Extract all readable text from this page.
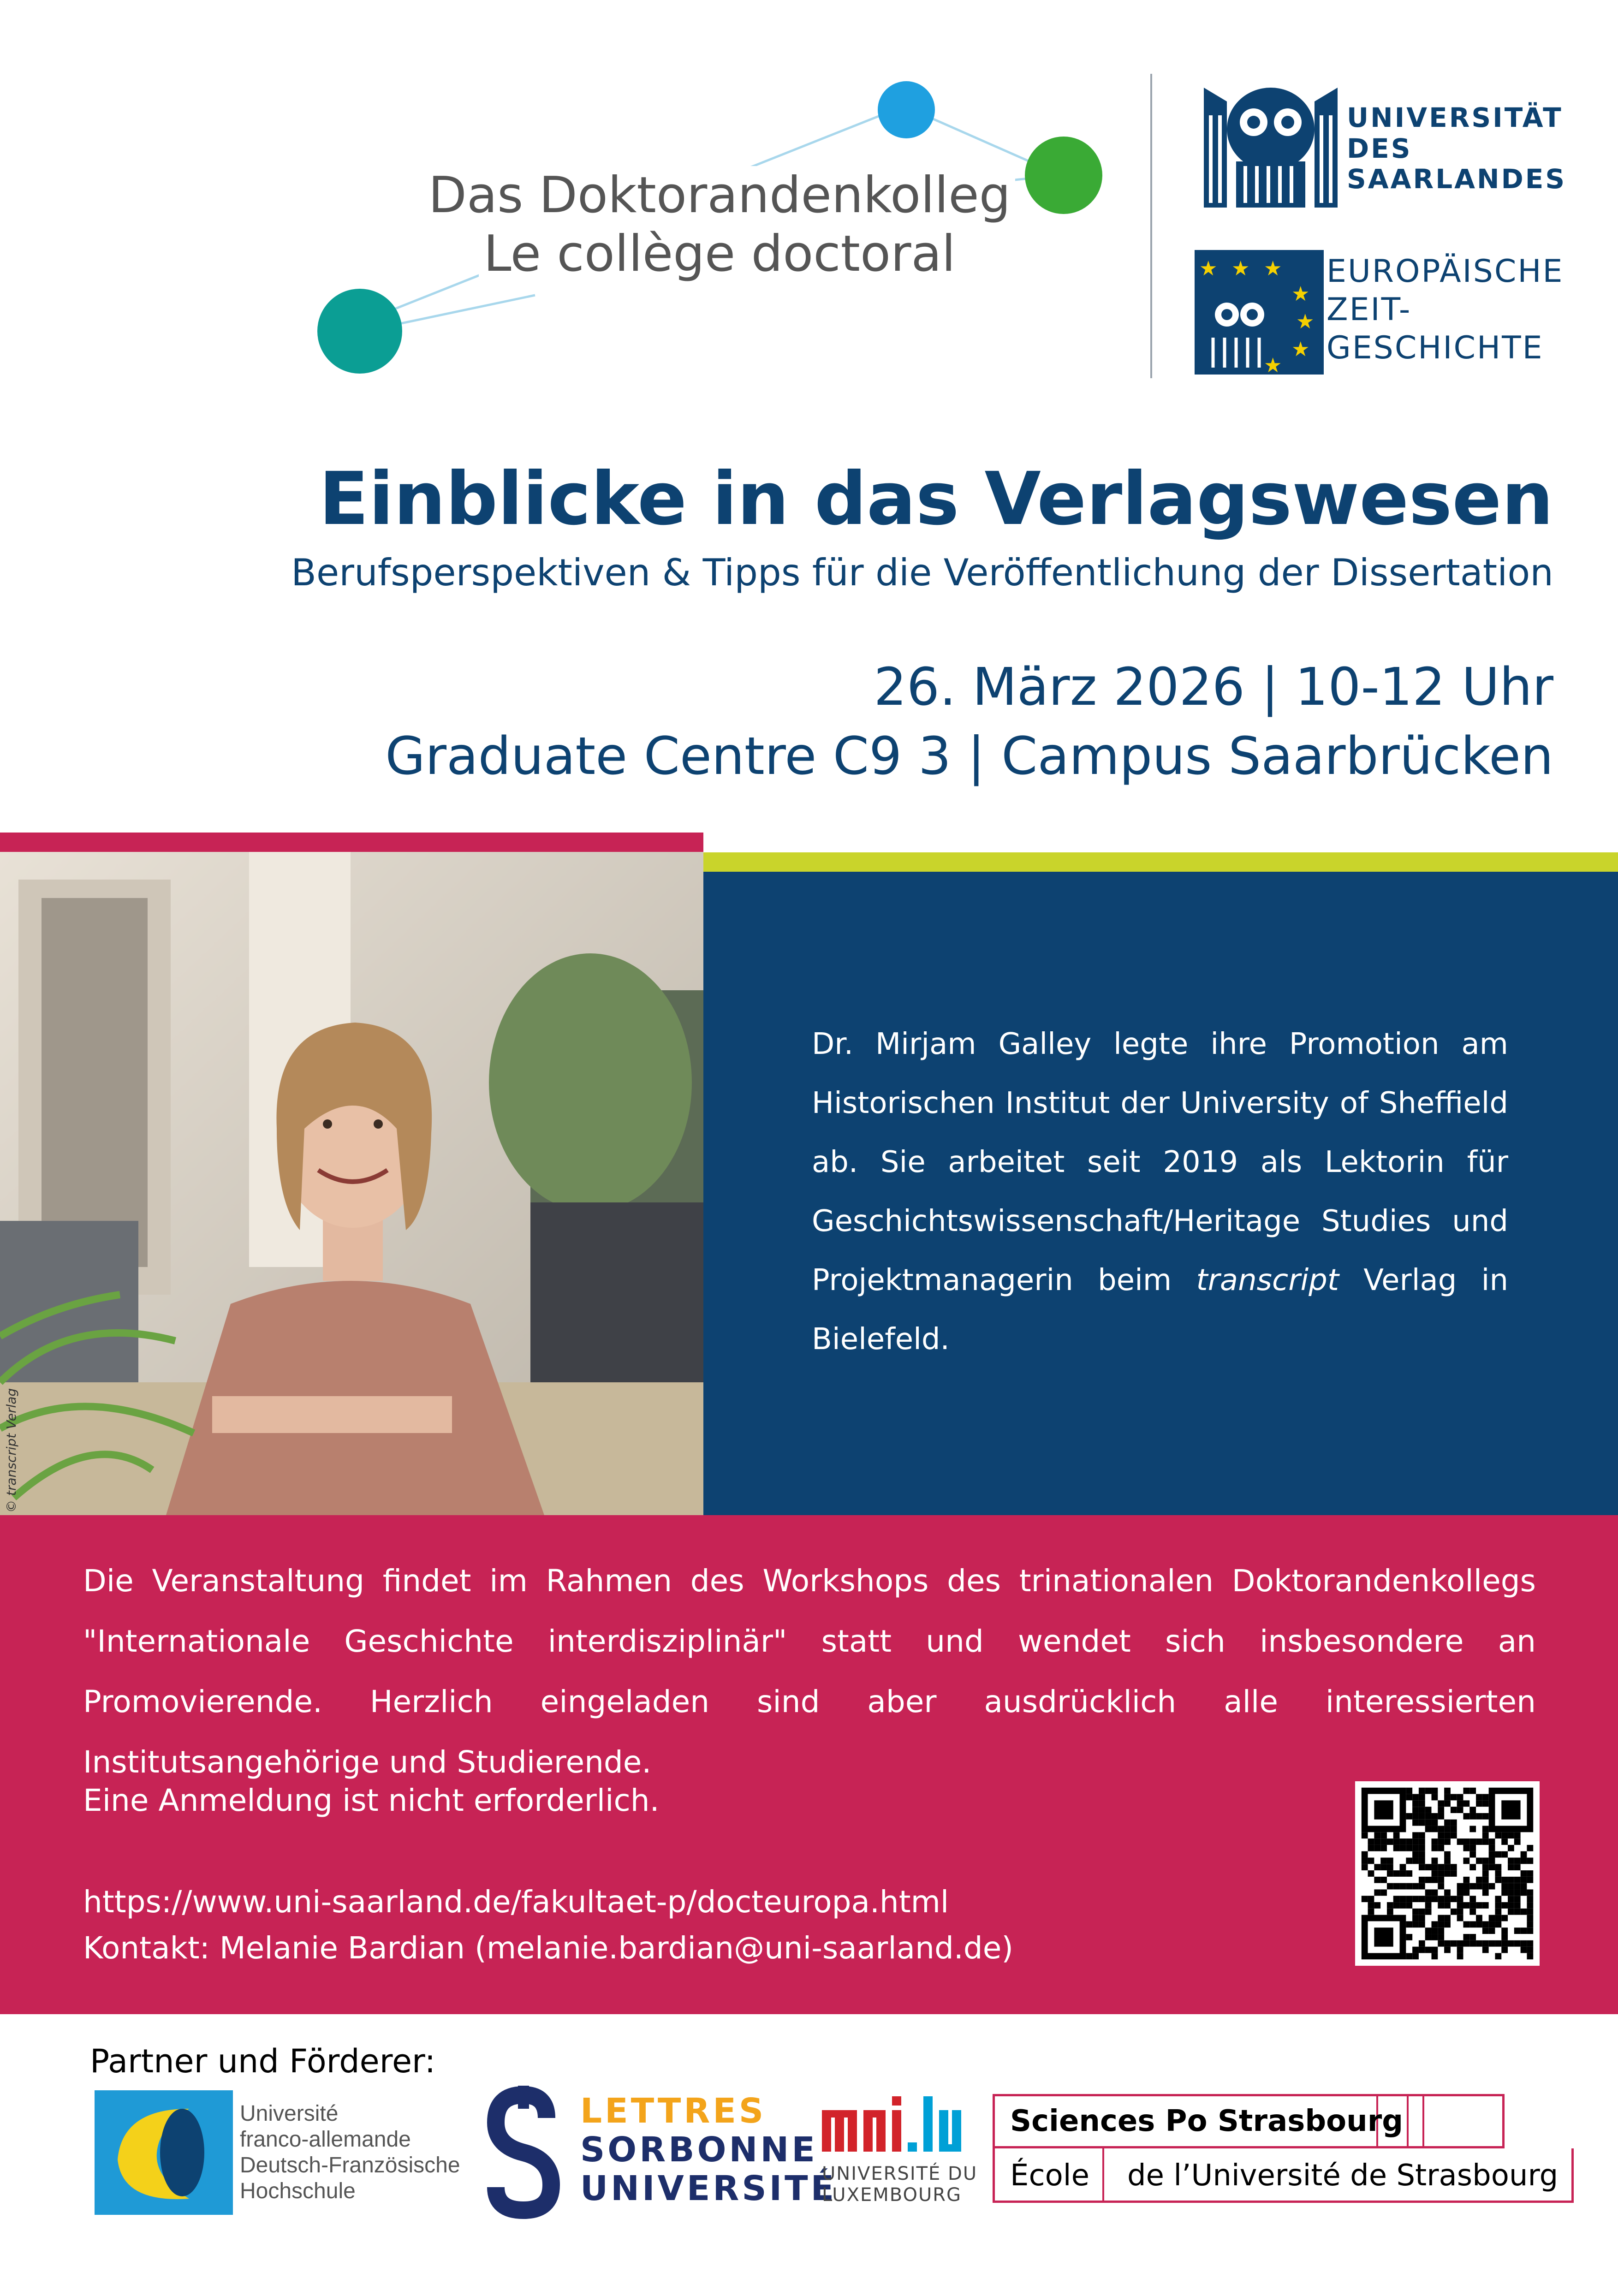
Das Doktorandenkolleg
Le collège doctoral
UNIVERSITÄT
DES
SAARLANDES
★ ★ ★
★
★
★
★
EUROPÄISCHE
ZEIT-
GESCHICHTE
Einblicke in das Verlagswesen
Berufsperspektiven & Tipps für die Veröffentlichung der Dissertation
26. März 2026 | 10-12 Uhr
Graduate Centre C9 3 | Campus Saarbrücken
© transcript Verlag
Dr. Mirjam Galley legte ihre Promotion am Historischen Institut der University of Sheffield ab. Sie arbeitet seit 2019 als Lektorin für Geschichtswissenschaft/Heritage Studies und Projektmanagerin beim transcript Verlag in Bielefeld.
Die Veranstaltung findet im Rahmen des Workshops des trinationalen Doktorandenkollegs "Internationale Geschichte interdisziplinär" statt und wendet sich insbesondere an Promovierende. Herzlich eingeladen sind aber ausdrücklich alle interessierten Institutsangehörige und Studierende.
Eine Anmeldung ist nicht erforderlich.
https://www.uni-saarland.de/fakultaet-p/docteuropa.html
Kontakt: Melanie Bardian (melanie.bardian@uni-saarland.de)
Partner und Förderer:
Université
franco-allemande
Deutsch-Französische
Hochschule
LETTRES
SORBONNE
UNIVERSITÉ
UNIVERSITÉ DU
LUXEMBOURG
Sciences Po Strasbourg
École de l’Université de Strasbourg
